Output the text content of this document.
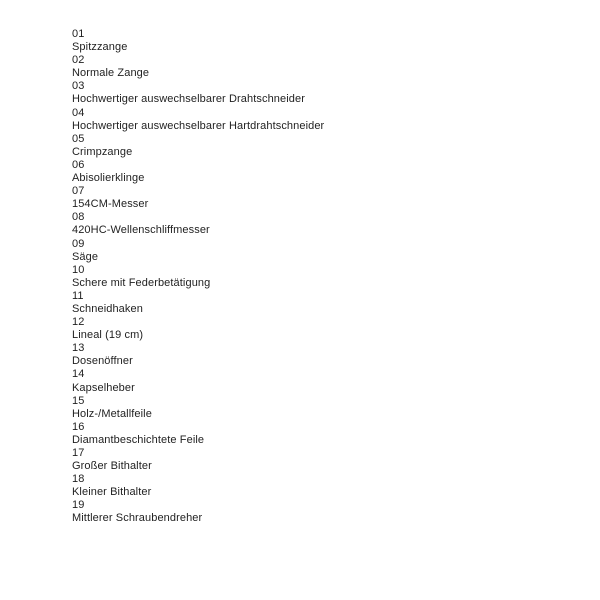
01
Spitzzange
02
Normale Zange
03
Hochwertiger auswechselbarer Drahtschneider
04
Hochwertiger auswechselbarer Hartdrahtschneider
05
Crimpzange
06
Abisolierklinge
07
154CM-Messer
08
420HC-Wellenschliffmesser
09
Säge
10
Schere mit Federbetätigung
11
Schneidhaken
12
Lineal (19 cm)
13
Dosenöffner
14
Kapselheber
15
Holz-/Metallfeile
16
Diamantbeschichtete Feile
17
Großer Bithalter
18
Kleiner Bithalter
19
Mittlerer Schraubendreher
